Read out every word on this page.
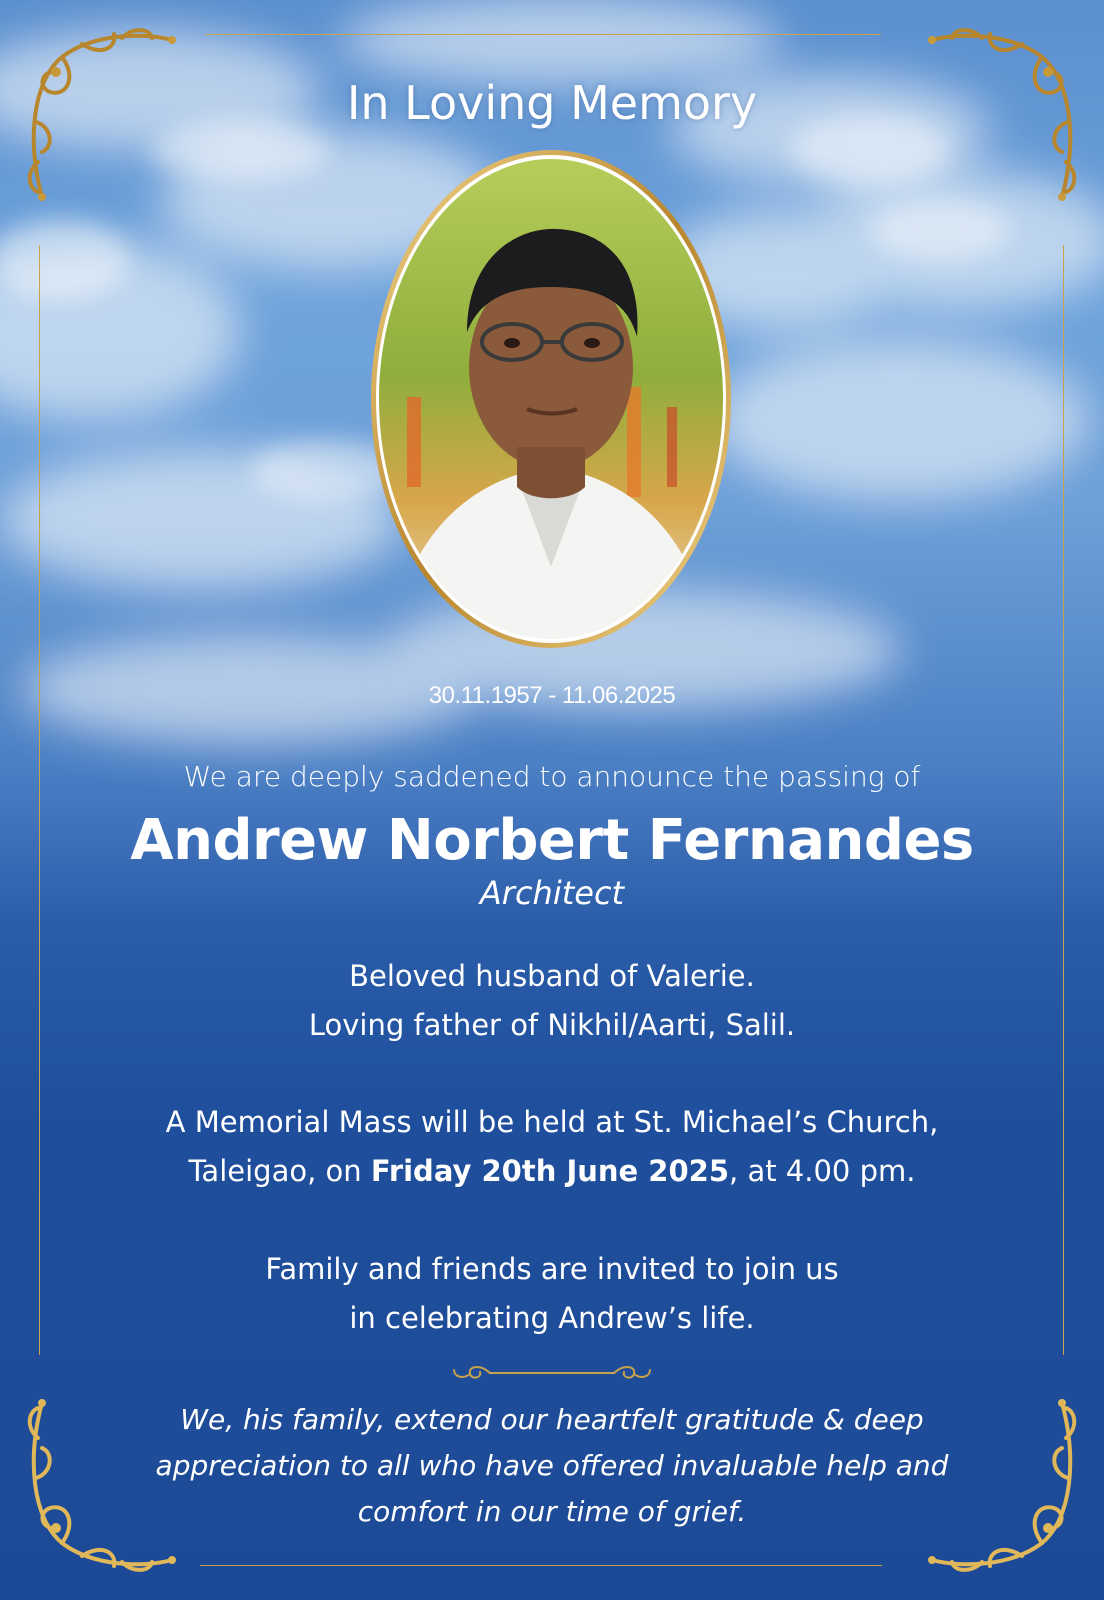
In Loving Memory
30.11.1957 - 11.06.2025
We are deeply saddened to announce the passing of
Andrew Norbert Fernandes
Architect
Beloved husband of Valerie.
Loving father of Nikhil/Aarti, Salil.
A Memorial Mass will be held at St. Michael’s Church,
Taleigao, on Friday 20th June 2025, at 4.00 pm.
Family and friends are invited to join us
in celebrating Andrew’s life.
We, his family, extend our heartfelt gratitude & deep
appreciation to all who have offered invaluable help and
comfort in our time of grief.
